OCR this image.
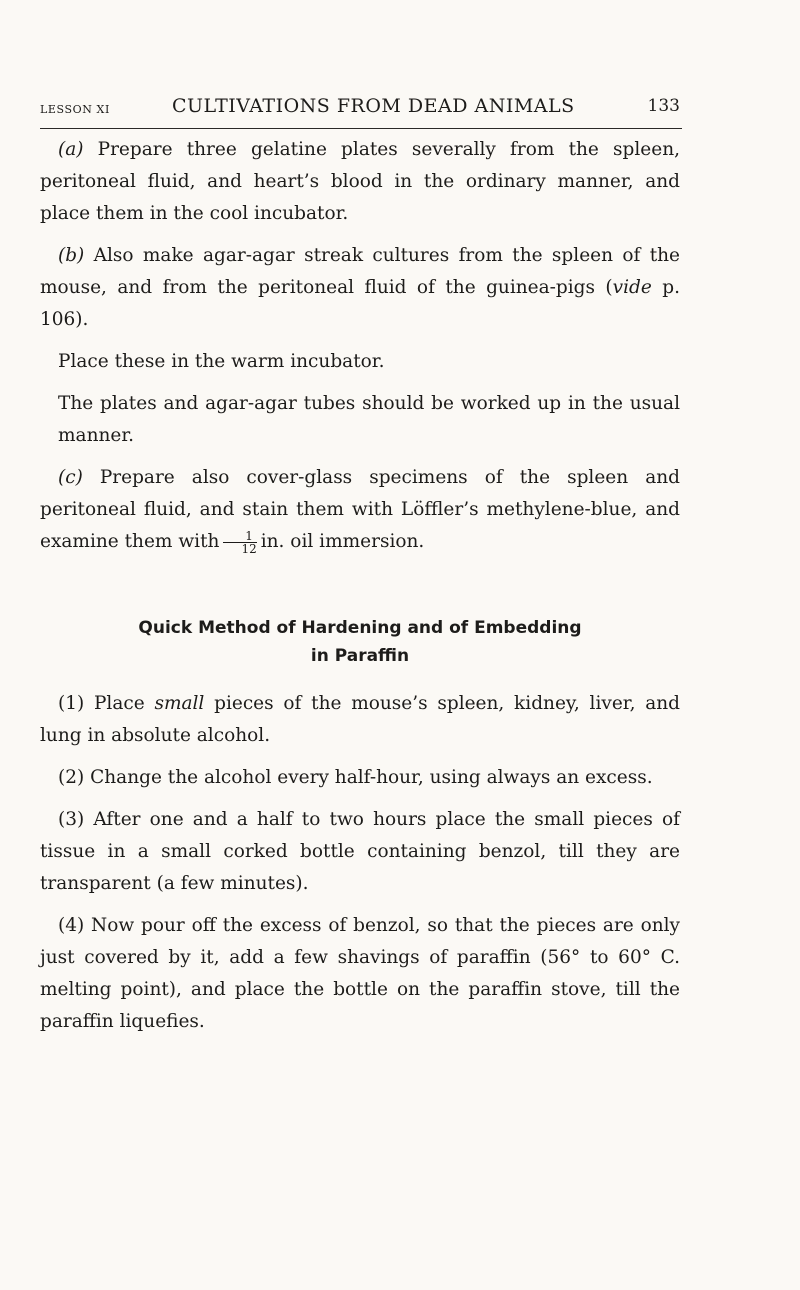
LESSON XI	CULTIVATIONS FROM DEAD ANIMALS	133

(a) Prepare three gelatine plates severally from the spleen, peritoneal fluid, and heart’s blood in the ordinary manner, and place them in the cool incubator.

(b) Also make agar-agar streak cultures from the spleen of the mouse, and from the peritoneal fluid of the guinea-pigs (vide p. 106).

Place these in the warm incubator.

The plates and agar-agar tubes should be worked up in the usual manner.

(c) Prepare also cover-glass specimens of the spleen and peritoneal fluid, and stain them with Löffler’s methylene-blue, and examine them with $\frac{1}{12}$ in. oil immersion.

Quick Method of Hardening and of Embedding
in Paraffin

(1) Place small pieces of the mouse’s spleen, kidney, liver, and lung in absolute alcohol.

(2) Change the alcohol every half-hour, using always an excess.

(3) After one and a half to two hours place the small pieces of tissue in a small corked bottle containing benzol, till they are transparent (a few minutes).

(4) Now pour off the excess of benzol, so that the pieces are only just covered by it, add a few shavings of paraffin (56° to 60° C. melting point), and place the bottle on the paraffin stove, till the paraffin liquefies.
